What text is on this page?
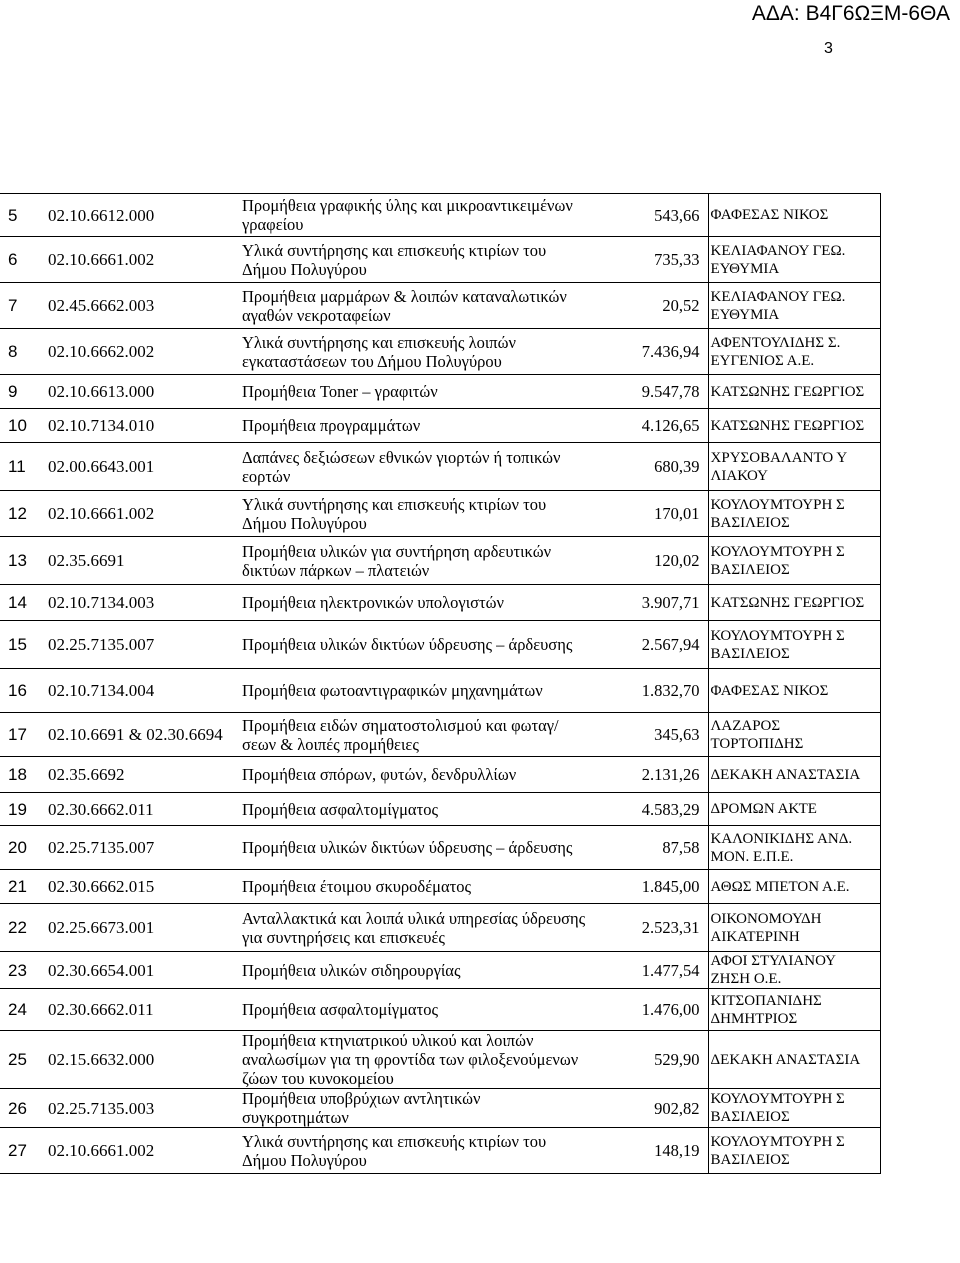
ΑΔΑ: Β4Γ6ΩΞΜ-6ΘΑ
3
5 02.10.6612.000 Προμήθεια γραφικής ύλης και μικροαντικειμένων γραφείου 543,66	ΦΑΦΕΣΑΣ ΝΙΚΟΣ

6 02.10.6661.002 Υλικά συντήρησης και επισκευής κτιρίων του Δήμου Πολυγύρου 735,33	ΚΕΛΙΑΦΑΝΟΥ ΓΕΩ. ΕΥΘΥΜΙΑ

7 02.45.6662.003 Προμήθεια μαρμάρων & λοιπών καταναλωτικών αγαθών νεκροταφείων 20,52	ΚΕΛΙΑΦΑΝΟΥ ΓΕΩ. ΕΥΘΥΜΙΑ

8 02.10.6662.002 Υλικά συντήρησης και επισκευής λοιπών εγκαταστάσεων του Δήμου Πολυγύρου 7.436,94	ΑΦΕΝΤΟΥΛΙΔΗΣ Σ. ΕΥΓΕΝΙΟΣ Α.Ε.

9 02.10.6613.000 Προμήθεια Toner – γραφιτών 9.547,78	ΚΑΤΣΩΝΗΣ ΓΕΩΡΓΙΟΣ

10 02.10.7134.010 Προμήθεια προγραμμάτων 4.126,65	ΚΑΤΣΩΝΗΣ ΓΕΩΡΓΙΟΣ

11 02.00.6643.001 Δαπάνες δεξιώσεων εθνικών γιορτών ή τοπικών εορτών 680,39	ΧΡΥΣΟΒΑΛΑΝΤΟ Υ ΛΙΑΚΟΥ

12 02.10.6661.002 Υλικά συντήρησης και επισκευής κτιρίων του Δήμου Πολυγύρου 170,01	ΚΟΥΛΟΥΜΤΟΥΡΗ Σ ΒΑΣΙΛΕΙΟΣ

13 02.35.6691 Προμήθεια υλικών για συντήρηση αρδευτικών δικτύων πάρκων – πλατειών 120,02	ΚΟΥΛΟΥΜΤΟΥΡΗ Σ ΒΑΣΙΛΕΙΟΣ

14 02.10.7134.003 Προμήθεια ηλεκτρονικών υπολογιστών 3.907,71	ΚΑΤΣΩΝΗΣ ΓΕΩΡΓΙΟΣ

15 02.25.7135.007 Προμήθεια υλικών δικτύων ύδρευσης – άρδευσης 2.567,94	ΚΟΥΛΟΥΜΤΟΥΡΗ Σ ΒΑΣΙΛΕΙΟΣ

16 02.10.7134.004 Προμήθεια φωτοαντιγραφικών μηχανημάτων 1.832,70	ΦΑΦΕΣΑΣ ΝΙΚΟΣ

17 02.10.6691 & 02.30.6694 Προμήθεια ειδών σηματοστολισμού και φωταγ/σεων & λοιπές προμήθειες 345,63	ΛΑΖΑΡΟΣ ΤΟΡΤΟΠΙΔΗΣ

18 02.35.6692 Προμήθεια σπόρων, φυτών, δενδρυλλίων 2.131,26	ΔΕΚΑΚΗ ΑΝΑΣΤΑΣΙΑ

19 02.30.6662.011 Προμήθεια ασφαλτομίγματος 4.583,29	ΔΡΟΜΩΝ ΑΚΤΕ

20 02.25.7135.007 Προμήθεια υλικών δικτύων ύδρευσης – άρδευσης 87,58	ΚΑΛΟΝΙΚΙΔΗΣ ΑΝΔ. ΜΟΝ. Ε.Π.Ε.

21 02.30.6662.015 Προμήθεια έτοιμου σκυροδέματος 1.845,00	ΑΘΩΣ ΜΠΕΤΟΝ Α.Ε.

22 02.25.6673.001 Ανταλλακτικά και λοιπά υλικά υπηρεσίας ύδρευσης για συντηρήσεις και επισκευές 2.523,31	ΟΙΚΟΝΟΜΟΥΔΗ ΑΙΚΑΤΕΡΙΝΗ

23 02.30.6654.001 Προμήθεια υλικών σιδηρουργίας 1.477,54	ΑΦΟΙ ΣΤΥΛΙΑΝΟΥ ΖΗΣΗ Ο.Ε.

24 02.30.6662.011 Προμήθεια ασφαλτομίγματος 1.476,00	ΚΙΤΣΟΠΑΝΙΔΗΣ ΔΗΜΗΤΡΙΟΣ

25 02.15.6632.000
Προμήθεια κτηνιατρικού υλικού και λοιπών αναλωσίμων για τη φροντίδα των φιλοξενούμενων ζώων του κυνοκομείου
529,90	ΔΕΚΑΚΗ ΑΝΑΣΤΑΣΙΑ

26 02.25.7135.003 Προμήθεια υποβρύχιων αντλητικών συγκροτημάτων 902,82	ΚΟΥΛΟΥΜΤΟΥΡΗ Σ ΒΑΣΙΛΕΙΟΣ

27 02.10.6661.002 Υλικά συντήρησης και επισκευής κτιρίων του Δήμου Πολυγύρου 148,19	ΚΟΥΛΟΥΜΤΟΥΡΗ Σ ΒΑΣΙΛΕΙΟΣ
